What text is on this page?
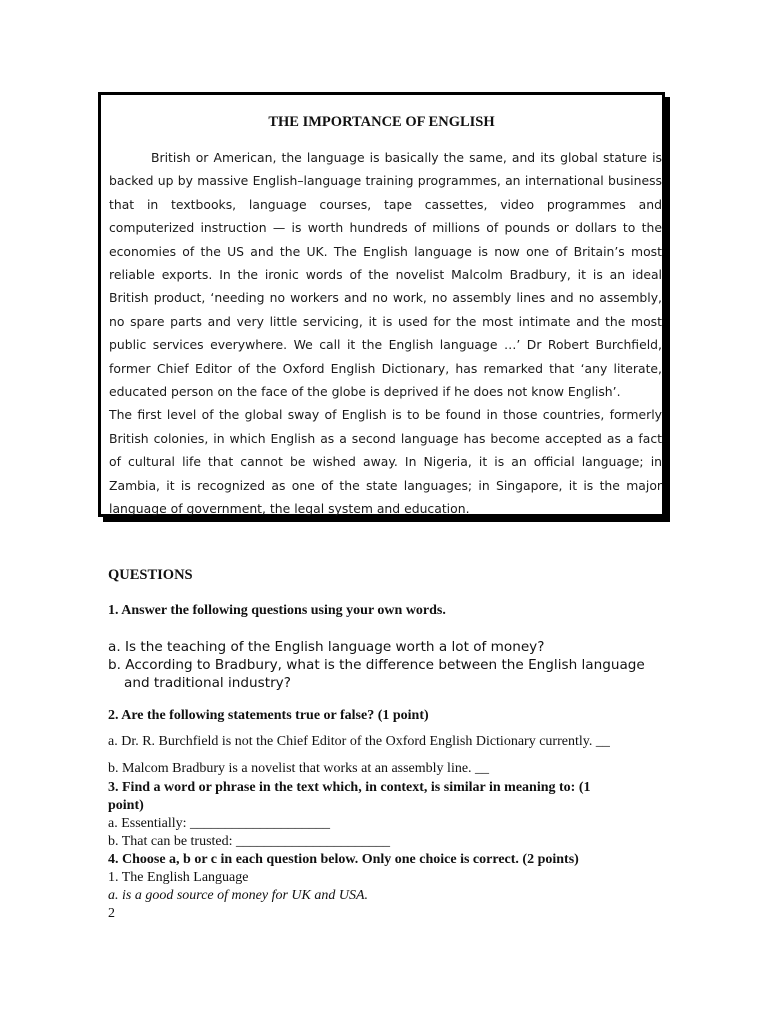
THE IMPORTANCE OF ENGLISH

British or American, the language is basically the same, and its global stature is backed up by massive English–language training programmes, an international business that in textbooks, language courses, tape cassettes, video programmes and computerized instruction — is worth hundreds of millions of pounds or dollars to the economies of the US and the UK. The English language is now one of Britain’s most reliable exports. In the ironic words of the novelist Malcolm Bradbury, it is an ideal British product, ‘needing no workers and no work, no assembly lines and no assembly, no spare parts and very little servicing, it is used for the most intimate and the most public services everywhere. We call it the English language …’ Dr Robert Burchfield, former Chief Editor of the Oxford English Dictionary, has remarked that ‘any literate, educated person on the face of the globe is deprived if he does not know English’.

The first level of the global sway of English is to be found in those countries, formerly British colonies, in which English as a second language has become accepted as a fact of cultural life that cannot be wished away. In Nigeria, it is an official language; in Zambia, it is recognized as one of the state languages; in Singapore, it is the major language of government, the legal system and education.

QUESTIONS
1. Answer the following questions using your own words.
a. Is the teaching of the English language worth a lot of money?
b. According to Bradbury, what is the difference between the English language
and traditional industry?
2. Are the following statements true or false? (1 point)
a. Dr. R. Burchfield is not the Chief Editor of the Oxford English Dictionary currently. __
b. Malcom Bradbury is a novelist that works at an assembly line. __
3. Find a word or phrase in the text which, in context, is similar in meaning to: (1
point)
a. Essentially: ____________________
b. That can be trusted: ______________________
4. Choose a, b or c in each question below. Only one choice is correct. (2 points)
1. The English Language
a. is a good source of money for UK and USA.
2
